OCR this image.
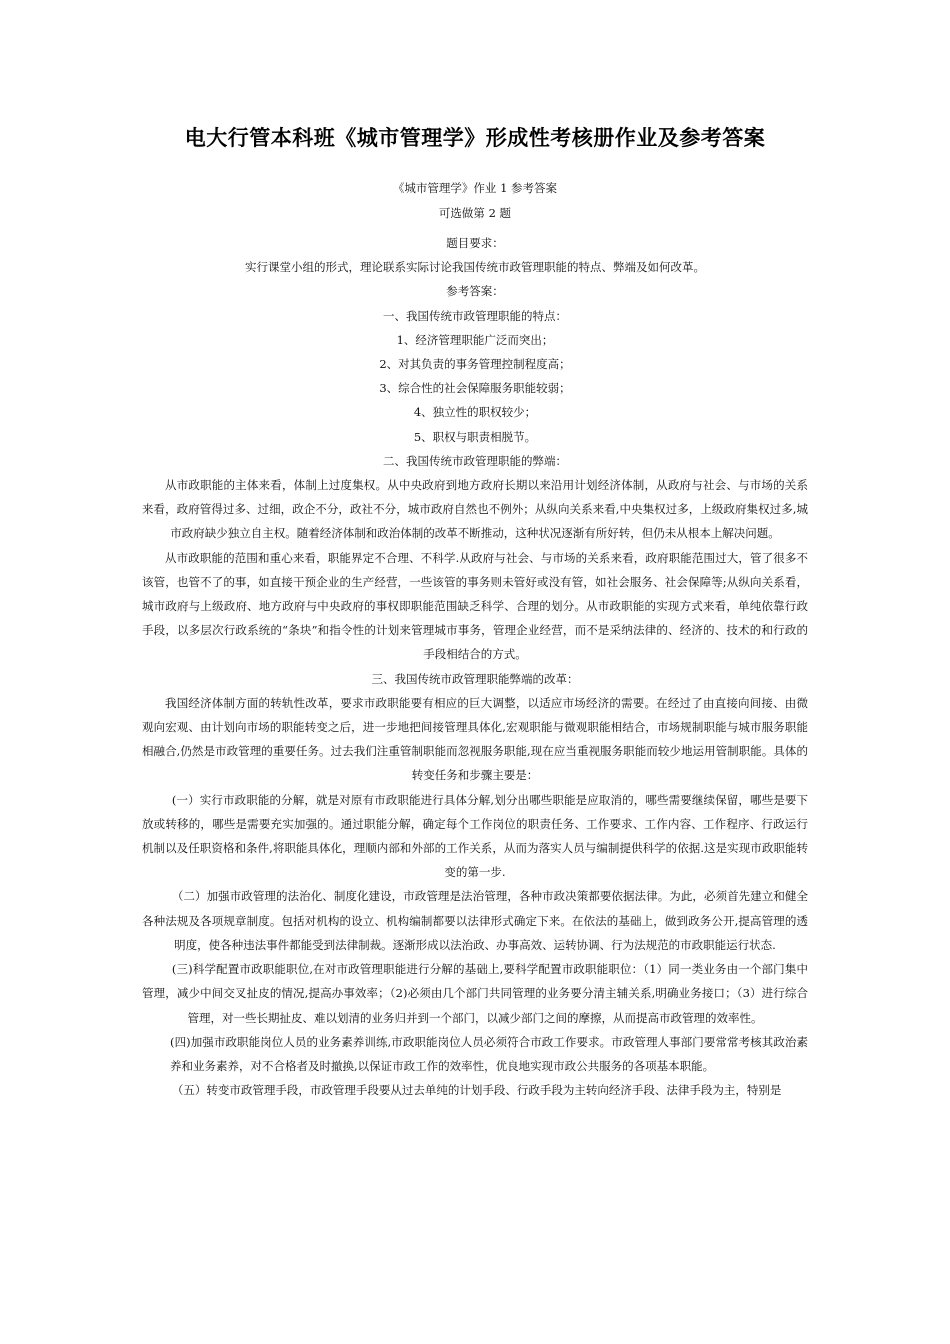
电大行管本科班《城市管理学》形成性考核册作业及参考答案
《城市管理学》作业 1 参考答案
可选做第 2 题
题目要求：
实行课堂小组的形式，理论联系实际讨论我国传统市政管理职能的特点、弊端及如何改革。
参考答案：
一、我国传统市政管理职能的特点：
1、经济管理职能广泛而突出；
2、对其负责的事务管理控制程度高；
3、综合性的社会保障服务职能较弱；
4、独立性的职权较少；
5、职权与职责相脱节。
二、我国传统市政管理职能的弊端：
从市政职能的主体来看，体制上过度集权。从中央政府到地方政府长期以来沿用计划经济体制，从政府与社会、与市场的关系来看，政府管得过多、过细，政企不分，政社不分，城市政府自然也不例外；从纵向关系来看,中央集权过多，上级政府集权过多,城市政府缺少独立自主权。随着经济体制和政治体制的改革不断推动，这种状况逐渐有所好转，但仍未从根本上解决问题。
从市政职能的范围和重心来看，职能界定不合理、不科学.从政府与社会、与市场的关系来看，政府职能范围过大，管了很多不该管，也管不了的事，如直接干预企业的生产经营，一些该管的事务则未管好或没有管，如社会服务、社会保障等;从纵向关系看，城市政府与上级政府、地方政府与中央政府的事权即职能范围缺乏科学、合理的划分。从市政职能的实现方式来看，单纯依靠行政手段，以多层次行政系统的“条块”和指令性的计划来管理城市事务，管理企业经营，而不是采纳法律的、经济的、技术的和行政的手段相结合的方式。
三、我国传统市政管理职能弊端的改革：
我国经济体制方面的转轨性改革，要求市政职能要有相应的巨大调整，以适应市场经济的需要。在经过了由直接向间接、由微观向宏观、由计划向市场的职能转变之后，进一步地把间接管理具体化,宏观职能与微观职能相结合，市场规制职能与城市服务职能相融合,仍然是市政管理的重要任务。过去我们注重管制职能而忽视服务职能,现在应当重视服务职能而较少地运用管制职能。具体的转变任务和步骤主要是：
(一）实行市政职能的分解，就是对原有市政职能进行具体分解,划分出哪些职能是应取消的，哪些需要继续保留，哪些是要下放或转移的，哪些是需要充实加强的。通过职能分解，确定每个工作岗位的职责任务、工作要求、工作内容、工作程序、行政运行机制以及任职资格和条件,将职能具体化，理顺内部和外部的工作关系，从而为落实人员与编制提供科学的依据.这是实现市政职能转变的第一步.
（二）加强市政管理的法治化、制度化建设，市政管理是法治管理，各种市政决策都要依据法律。为此，必须首先建立和健全各种法规及各项规章制度。包括对机构的设立、机构编制都要以法律形式确定下来。在依法的基础上，做到政务公开,提高管理的透明度，使各种违法事件都能受到法律制裁。逐渐形成以法治政、办事高效、运转协调、行为法规范的市政职能运行状态.
(三)科学配置市政职能职位,在对市政管理职能进行分解的基础上,要科学配置市政职能职位：（1）同一类业务由一个部门集中管理，减少中间交叉扯皮的情况,提高办事效率；（2)必须由几个部门共同管理的业务要分清主辅关系,明确业务接口；（3）进行综合管理，对一些长期扯皮、难以划清的业务归并到一个部门，以减少部门之间的摩擦，从而提高市政管理的效率性。
(四)加强市政职能岗位人员的业务素养训练,市政职能岗位人员必须符合市政工作要求。市政管理人事部门要常常考核其政治素养和业务素养，对不合格者及时撤换,以保证市政工作的效率性，优良地实现市政公共服务的各项基本职能。
（五）转变市政管理手段，市政管理手段要从过去单纯的计划手段、行政手段为主转向经济手段、法律手段为主，特别是
